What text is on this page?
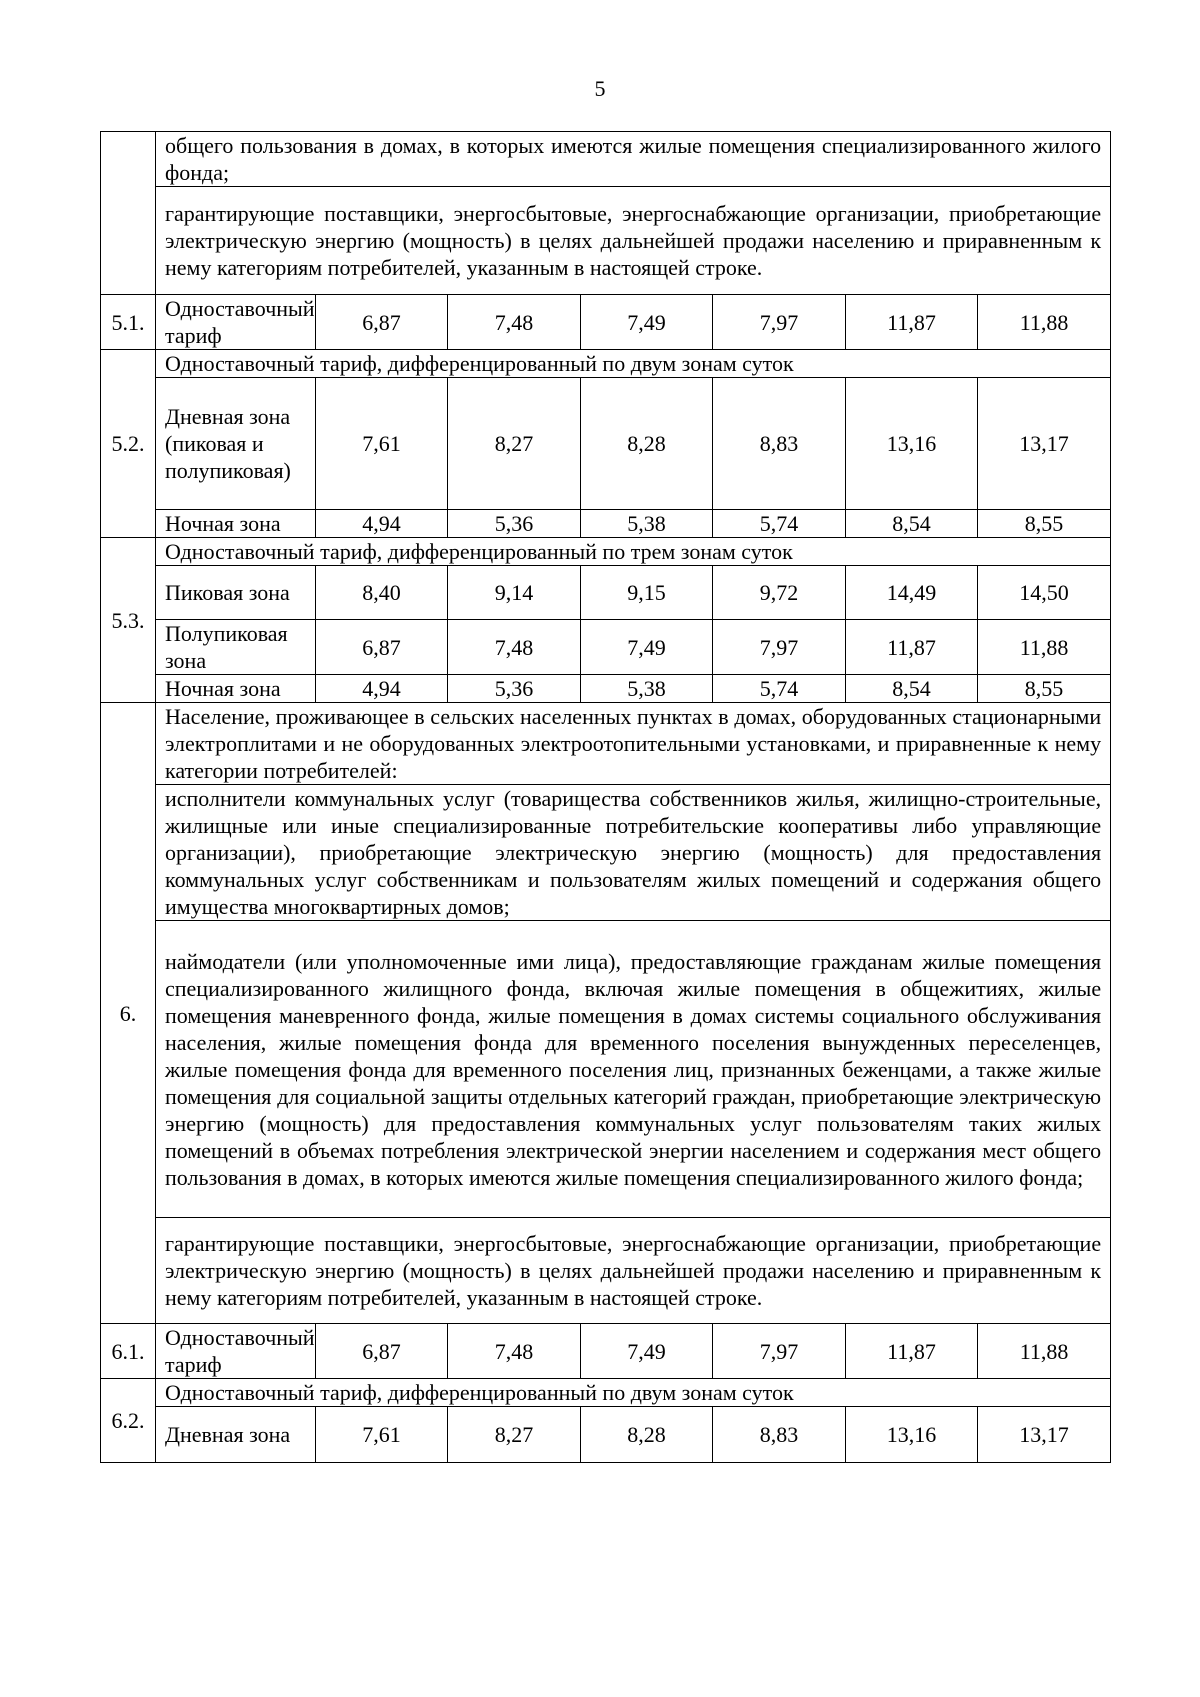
5
	общего пользования в домах, в которых имеются жилые помещения специализированного жилого фонда;						
	гарантирующие поставщики, энергосбытовые, энергоснабжающие организации, приобретающие электрическую энергию (мощность) в целях дальнейшей продажи населению и приравненным к нему категориям потребителей, указанным в настоящей строке.						
5.1.	Одноставочный тариф	6,87	7,48	7,49	7,97	11,87	11,88
5.2.	Одноставочный тариф, дифференцированный по двум зонам суток						
	Дневная зона (пиковая и полупиковая)	7,61	8,27	8,28	8,83	13,16	13,17
	Ночная зона	4,94	5,36	5,38	5,74	8,54	8,55
5.3.	Одноставочный тариф, дифференцированный по трем зонам суток						
	Пиковая зона	8,40	9,14	9,15	9,72	14,49	14,50
	Полупиковая зона	6,87	7,48	7,49	7,97	11,87	11,88
	Ночная зона	4,94	5,36	5,38	5,74	8,54	8,55
6.	Население, проживающее в сельских населенных пунктах в домах, оборудованных стационарными электроплитами и не оборудованных электроотопительными установками, и приравненные к нему категории потребителей:						
	исполнители коммунальных услуг (товарищества собственников жилья, жилищно-строительные, жилищные или иные специализированные потребительские кооперативы либо управляющие организации), приобретающие электрическую энергию (мощность) для предоставления коммунальных услуг собственникам и пользователям жилых помещений и содержания общего имущества многоквартирных домов;						
	наймодатели (или уполномоченные ими лица), предоставляющие гражданам жилые помещения специализированного жилищного фонда, включая жилые помещения в общежитиях, жилые помещения маневренного фонда, жилые помещения в домах системы социального обслуживания населения, жилые помещения фонда для временного поселения вынужденных переселенцев, жилые помещения фонда для временного поселения лиц, признанных беженцами, а также жилые помещения для социальной защиты отдельных категорий граждан, приобретающие электрическую энергию (мощность) для предоставления коммунальных услуг пользователям таких жилых помещений в объемах потребления электрической энергии населением и содержания мест общего пользования в домах, в которых имеются жилые помещения специализированного жилого фонда;						
	гарантирующие поставщики, энергосбытовые, энергоснабжающие организации, приобретающие электрическую энергию (мощность) в целях дальнейшей продажи населению и приравненным к нему категориям потребителей, указанным в настоящей строке.						
6.1.	Одноставочный тариф	6,87	7,48	7,49	7,97	11,87	11,88
6.2.	Одноставочный тариф, дифференцированный по двум зонам суток						
	Дневная зона	7,61	8,27	8,28	8,83	13,16	13,17
